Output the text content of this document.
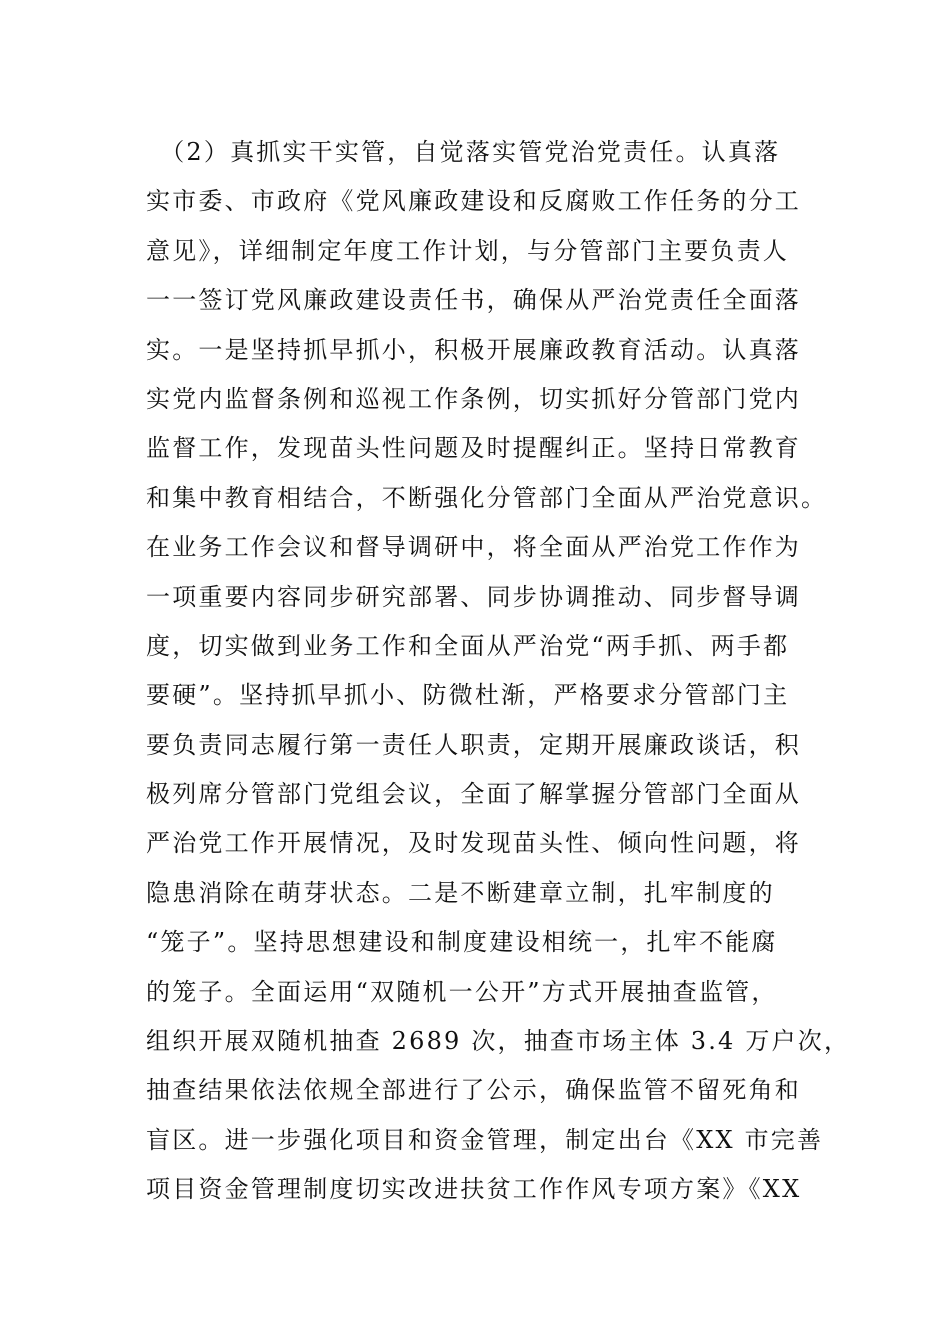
　（2）真抓实干实管，自觉落实管党治党责任。认真落
实市委、市政府《党风廉政建设和反腐败工作任务的分工
意见》，详细制定年度工作计划，与分管部门主要负责人
一一签订党风廉政建设责任书，确保从严治党责任全面落
实。一是坚持抓早抓小，积极开展廉政教育活动。认真落
实党内监督条例和巡视工作条例，切实抓好分管部门党内
监督工作，发现苗头性问题及时提醒纠正。坚持日常教育
和集中教育相结合，不断强化分管部门全面从严治党意识。
在业务工作会议和督导调研中，将全面从严治党工作作为
一项重要内容同步研究部署、同步协调推动、同步督导调
度，切实做到业务工作和全面从严治党“两手抓、两手都
要硬”。坚持抓早抓小、防微杜渐，严格要求分管部门主
要负责同志履行第一责任人职责，定期开展廉政谈话，积
极列席分管部门党组会议，全面了解掌握分管部门全面从
严治党工作开展情况，及时发现苗头性、倾向性问题，将
隐患消除在萌芽状态。二是不断建章立制，扎牢制度的
“笼子”。坚持思想建设和制度建设相统一，扎牢不能腐
的笼子。全面运用“双随机一公开”方式开展抽查监管，
组织开展双随机抽查 2689 次，抽查市场主体 3.4 万户次，
抽查结果依法依规全部进行了公示，确保监管不留死角和
盲区。进一步强化项目和资金管理，制定出台《XX 市完善
项目资金管理制度切实改进扶贫工作作风专项方案》《XX
